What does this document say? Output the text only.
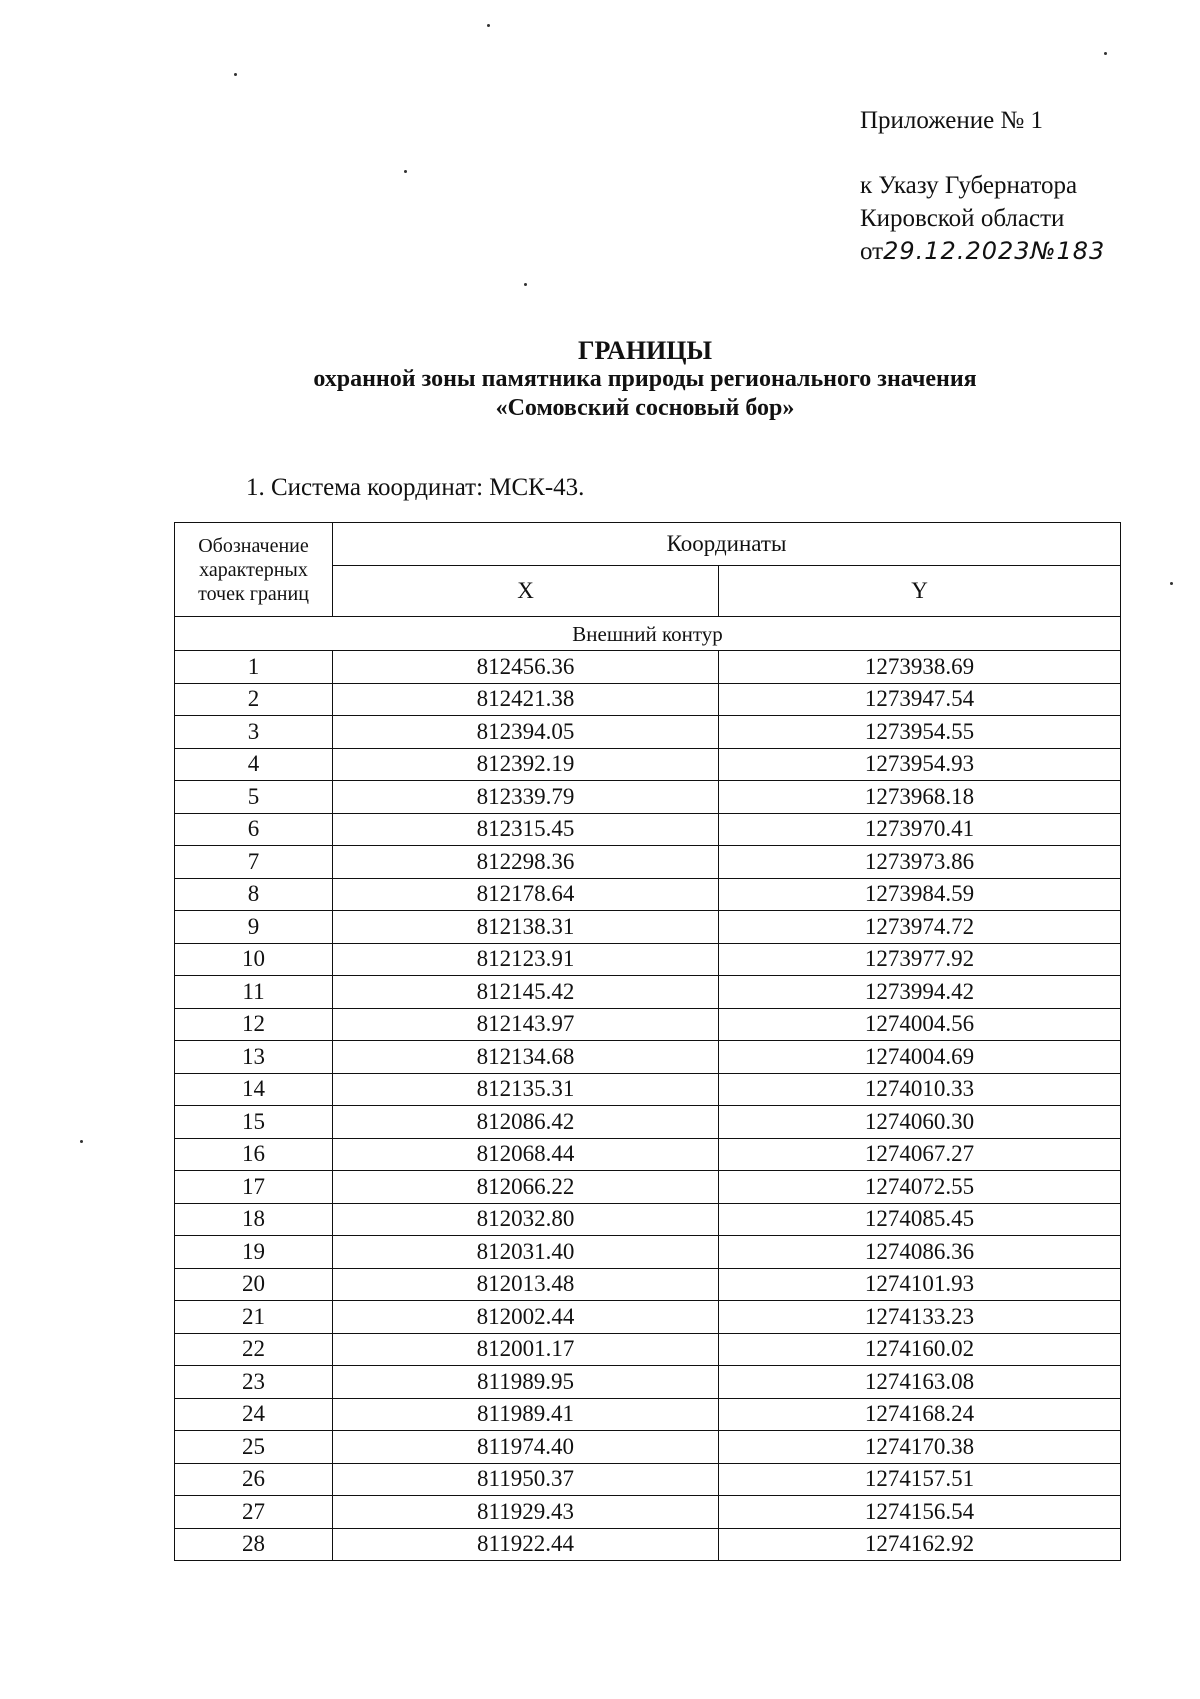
Приложение № 1
к Указу Губернатора
Кировской области
от29.12.2023№183
ГРАНИЦЫ
охранной зоны памятника природы регионального значения
«Сомовский сосновый бор»
1. Система координат: МСК-43.
Обозначение характерных точек границ	Координаты	
	X	Y
Внешний контур		
1	812456.36	1273938.69
2	812421.38	1273947.54
3	812394.05	1273954.55
4	812392.19	1273954.93
5	812339.79	1273968.18
6	812315.45	1273970.41
7	812298.36	1273973.86
8	812178.64	1273984.59
9	812138.31	1273974.72
10	812123.91	1273977.92
11	812145.42	1273994.42
12	812143.97	1274004.56
13	812134.68	1274004.69
14	812135.31	1274010.33
15	812086.42	1274060.30
16	812068.44	1274067.27
17	812066.22	1274072.55
18	812032.80	1274085.45
19	812031.40	1274086.36
20	812013.48	1274101.93
21	812002.44	1274133.23
22	812001.17	1274160.02
23	811989.95	1274163.08
24	811989.41	1274168.24
25	811974.40	1274170.38
26	811950.37	1274157.51
27	811929.43	1274156.54
28	811922.44	1274162.92
